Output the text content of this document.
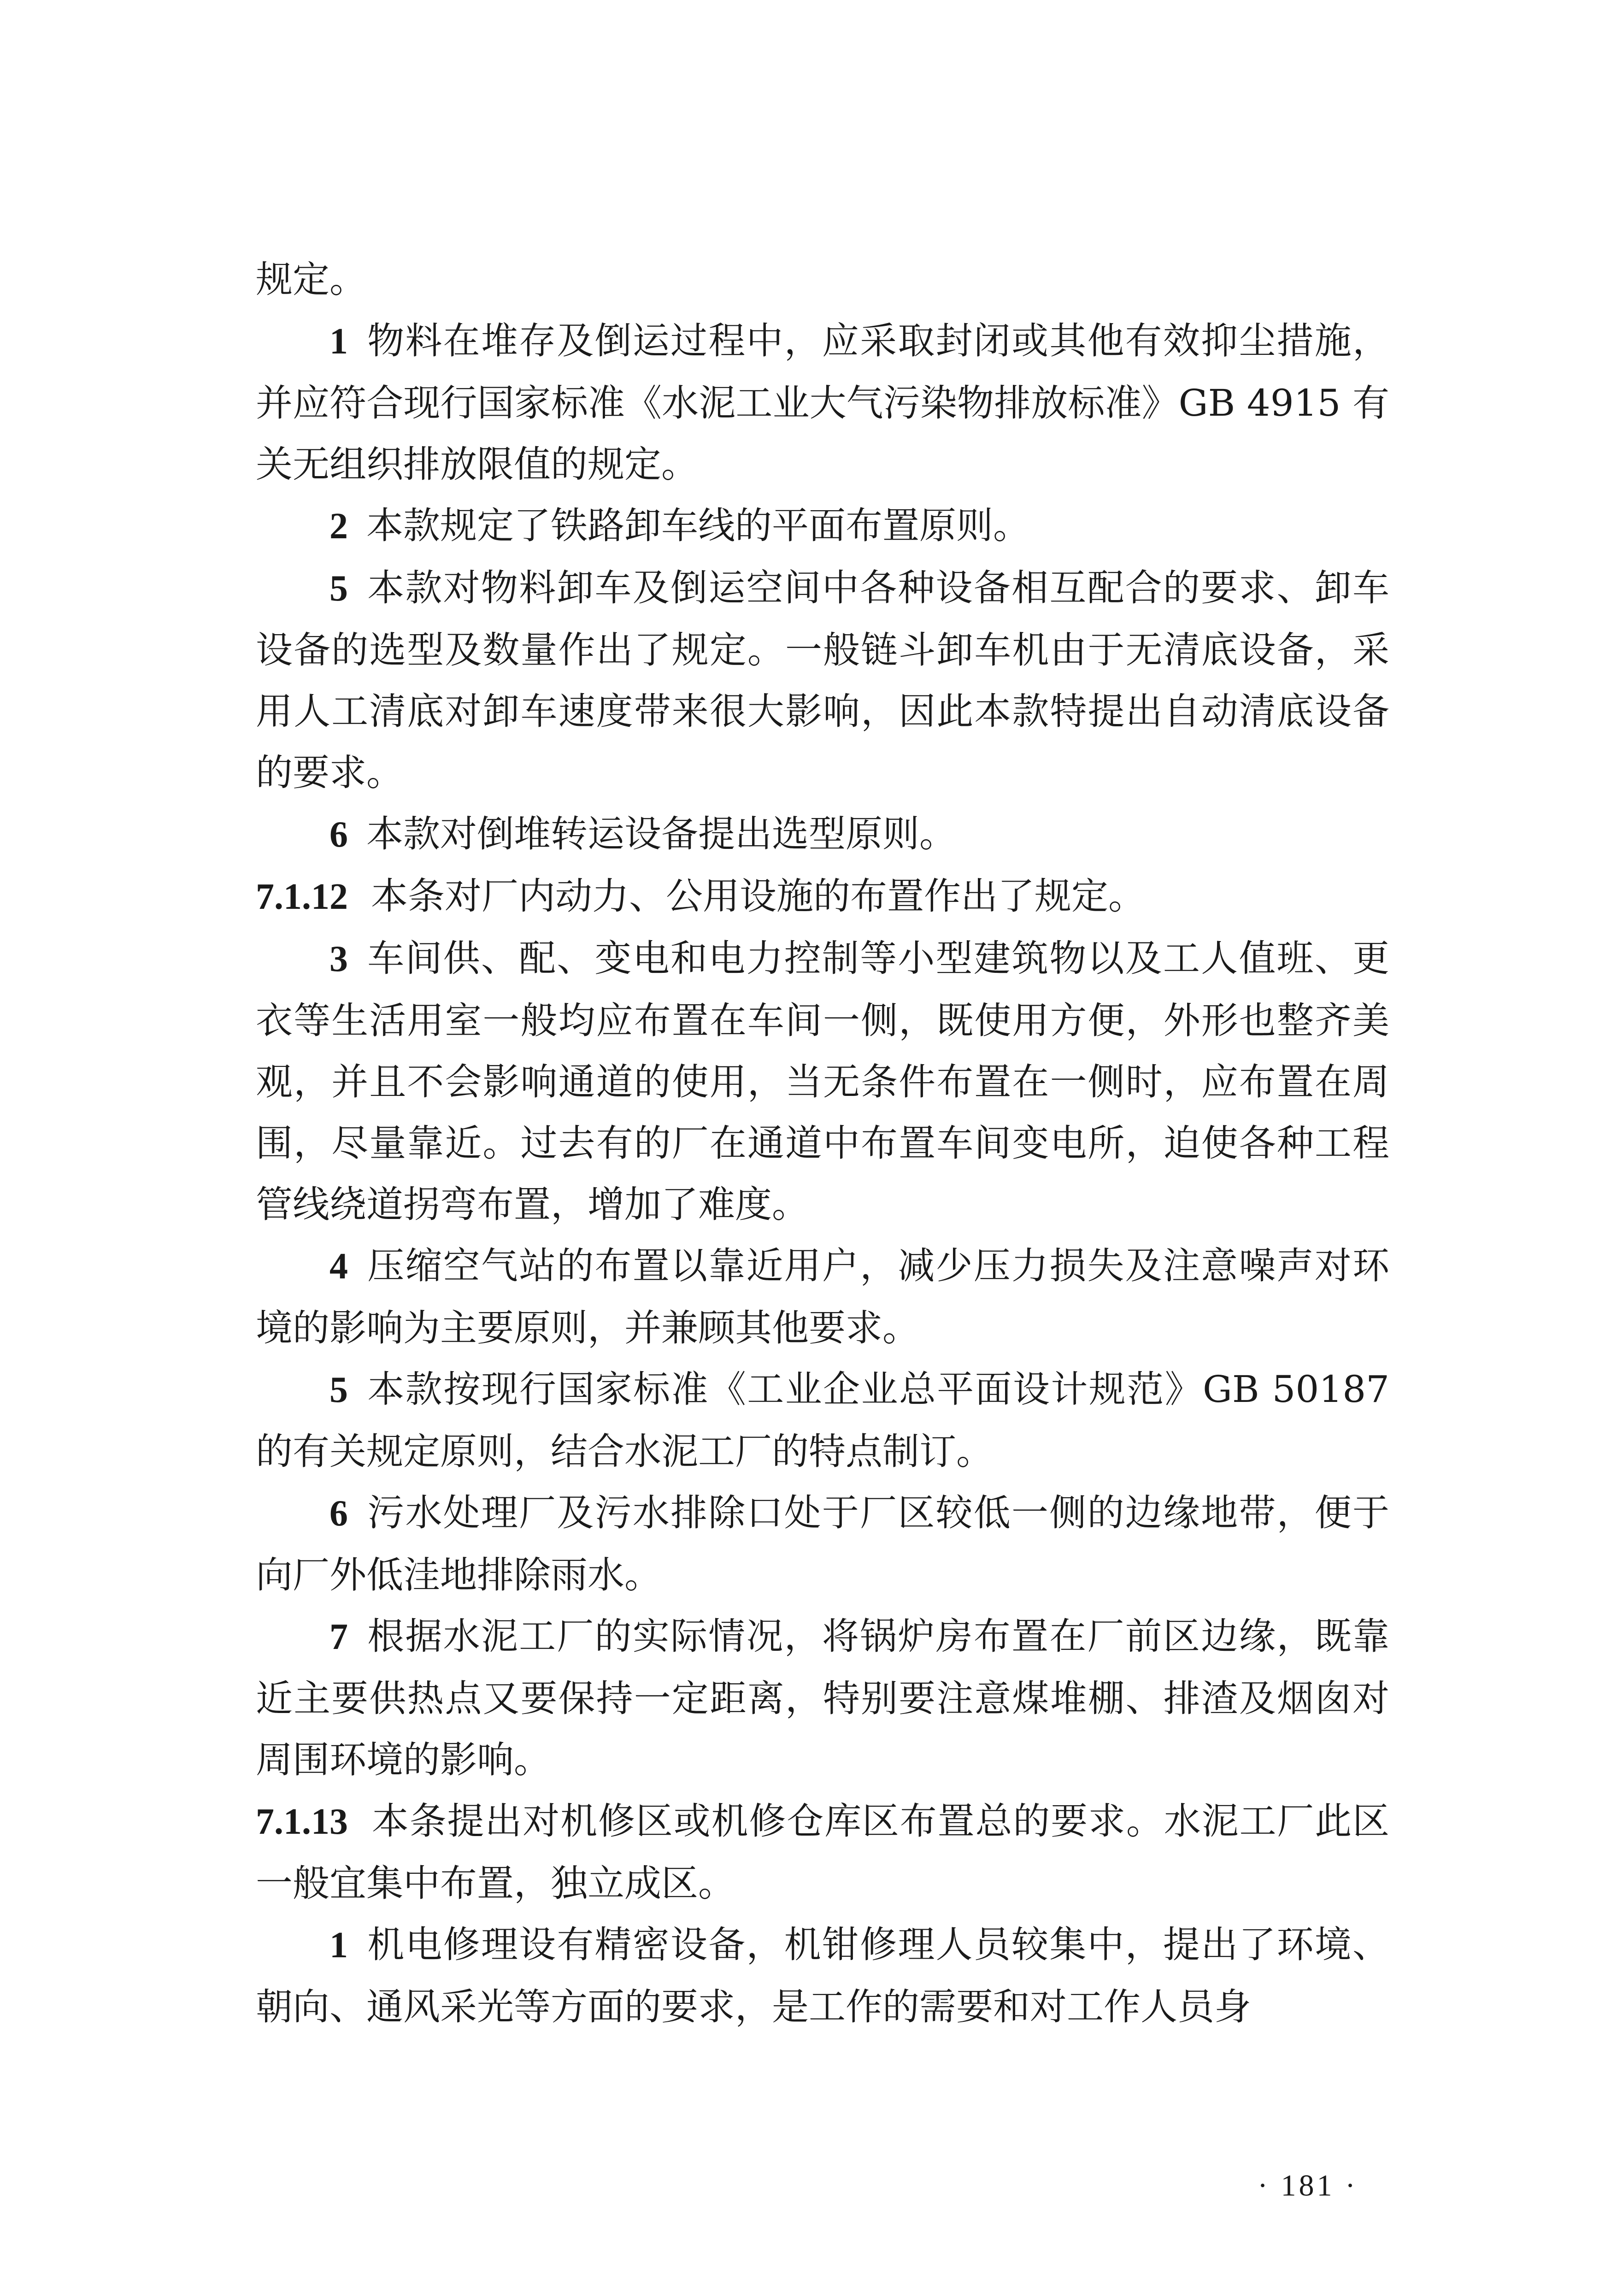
规定。

1 物料在堆存及倒运过程中，应采取封闭或其他有效抑尘措施，并应符合现行国家标准《水泥工业大气污染物排放标准》GB 4915 有关无组织排放限值的规定。

2 本款规定了铁路卸车线的平面布置原则。

5 本款对物料卸车及倒运空间中各种设备相互配合的要求、卸车设备的选型及数量作出了规定。一般链斗卸车机由于无清底设备，采用人工清底对卸车速度带来很大影响，因此本款特提出自动清底设备的要求。

6 本款对倒堆转运设备提出选型原则。

7.1.12 本条对厂内动力、公用设施的布置作出了规定。

3 车间供、配、变电和电力控制等小型建筑物以及工人值班、更衣等生活用室一般均应布置在车间一侧，既使用方便，外形也整齐美观，并且不会影响通道的使用，当无条件布置在一侧时，应布置在周围，尽量靠近。过去有的厂在通道中布置车间变电所，迫使各种工程管线绕道拐弯布置，增加了难度。

4 压缩空气站的布置以靠近用户，减少压力损失及注意噪声对环境的影响为主要原则，并兼顾其他要求。

5 本款按现行国家标准《工业企业总平面设计规范》GB 50187 的有关规定原则，结合水泥工厂的特点制订。

6 污水处理厂及污水排除口处于厂区较低一侧的边缘地带，便于向厂外低洼地排除雨水。

7 根据水泥工厂的实际情况，将锅炉房布置在厂前区边缘，既靠近主要供热点又要保持一定距离，特别要注意煤堆棚、排渣及烟囱对周围环境的影响。

7.1.13 本条提出对机修区或机修仓库区布置总的要求。水泥工厂此区一般宜集中布置，独立成区。

1 机电修理设有精密设备，机钳修理人员较集中，提出了环境、朝向、通风采光等方面的要求，是工作的需要和对工作人员身

· 181 ·
